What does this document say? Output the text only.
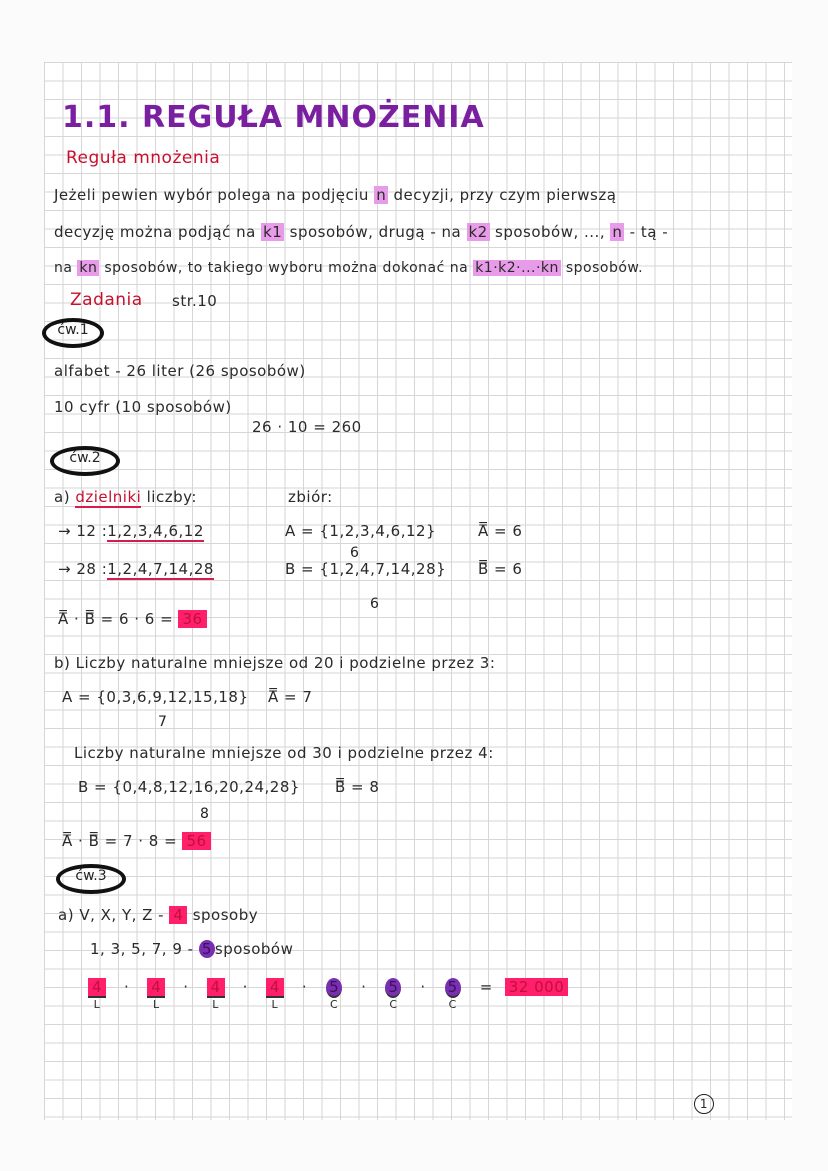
1.1. REGUŁA MNOŻENIA
Reguła mnożenia
Jeżeli pewien wybór polega na podjęciu n decyzji, przy czym pierwszą
decyzję można podjąć na k1 sposobów, drugą - na k2 sposobów, ..., n - tą -
na kn sposobów, to takiego wyboru można dokonać na k1·k2·...·kn sposobów.
Zadania str.10
ćw.1
alfabet - 26 liter (26 sposobów)
10 cyfr (10 sposobów)
26 · 10 = 260
ćw.2
a) dzielniki liczby:	zbiór:
→ 12 :1,2,3,4,6,12
→ 28 :1,2,4,7,14,28
A = {1,2,3,4,6,12}
6
B = {1,2,4,7,14,28}
6
A̿ = 6
B̿ = 6
A̿ · B̿ = 6 · 6 = 36
b) Liczby naturalne mniejsze od 20 i podzielne przez 3:
A = {0,3,6,9,12,15,18}
7
A̿ = 7
Liczby naturalne mniejsze od 30 i podzielne przez 4:
B = {0,4,8,12,16,20,24,28}
8
B̿ = 8
A̿ · B̿ = 7 · 8 = 56
ćw.3
a) V, X, Y, Z - 4 sposoby
1, 3, 5, 7, 9 - 5 sposobów
4
L
· 4
L
· 4
L
· 4
L
· 5
C
· 5
C
· 5
C
= 32 000
1
